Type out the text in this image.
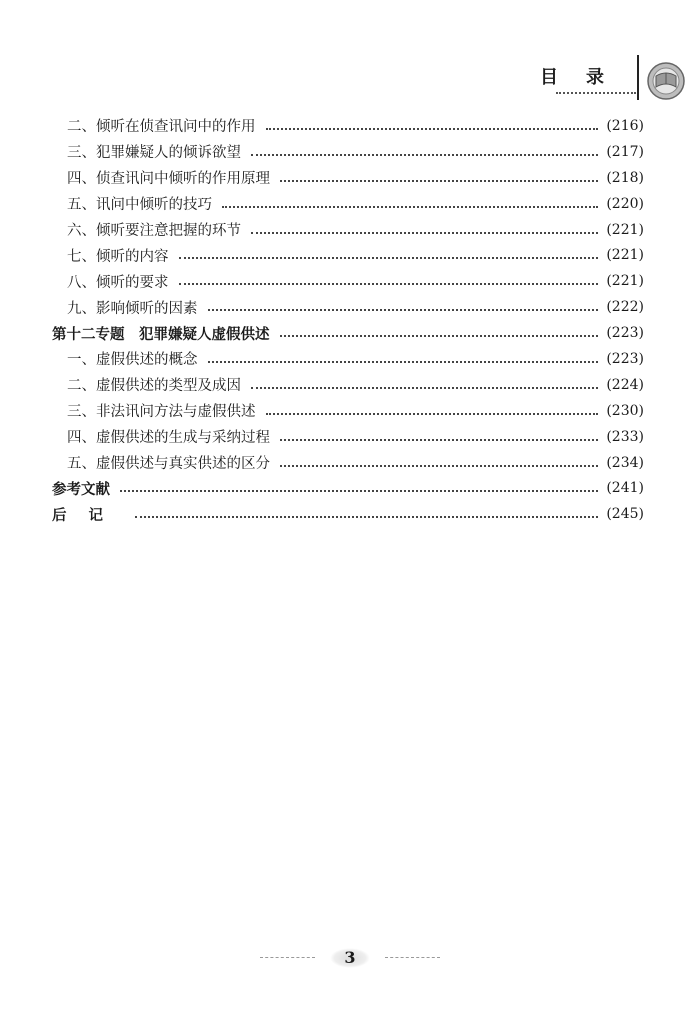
目录
二、倾听在侦查讯问中的作用	(216)
三、犯罪嫌疑人的倾诉欲望	(217)
四、侦查讯问中倾听的作用原理	(218)
五、讯问中倾听的技巧	(220)
六、倾听要注意把握的环节	(221)
七、倾听的内容	(221)
八、倾听的要求	(221)
九、影响倾听的因素	(222)
第十二专题　犯罪嫌疑人虚假供述	(223)
一、虚假供述的概念	(223)
二、虚假供述的类型及成因	(224)
三、非法讯问方法与虚假供述	(230)
四、虚假供述的生成与采纳过程	(233)
五、虚假供述与真实供述的区分	(234)
参考文献	(241)
后记	(245)
3
